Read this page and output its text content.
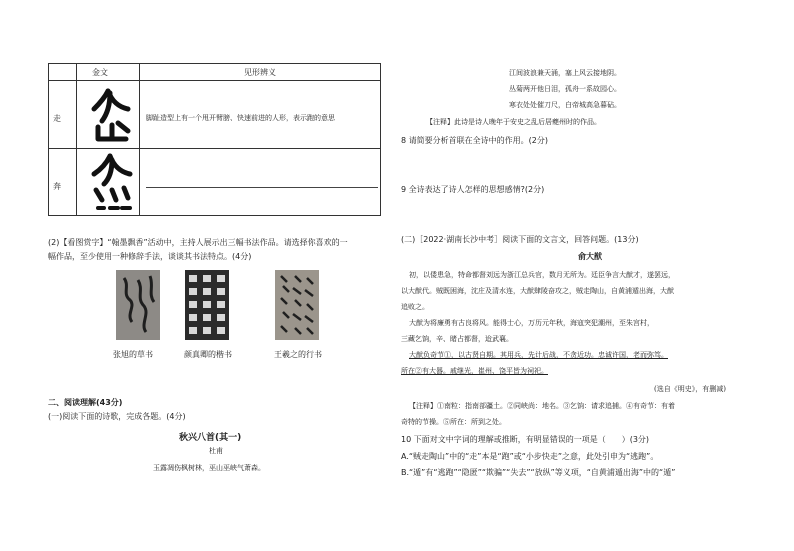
金文	见形辨义
走	脚趾造型上有一个甩开臂膀、快速前进的人形，表示跑的意思
奔
(2)【看图赏字】“翰墨飘香”活动中，主持人展示出三幅书法作品。请选择你喜欢的一
幅作品，至少使用一种修辞手法，谈谈其书法特点。(4分)
张旭的草书	颜真卿的楷书	王羲之的行书
二、阅读理解(43分)
(一)阅读下面的诗歌，完成各题。(4分)
秋兴八首(其一)
杜甫
玉露凋伤枫树林，巫山巫峡气萧森。
江间波浪兼天涌，塞上风云接地阴。
丛菊两开他日泪，孤舟一系故园心。
寒衣处处催刀尺，白帝城高急暮砧。
【注释】此诗是诗人晚年于安史之乱后居夔州时的作品。
8 请简要分析首联在全诗中的作用。(2分)
9 全诗表达了诗人怎样的思想感情?(2分)
(二)［2022·湖南长沙中考］阅读下面的文言文，回答问题。(13分)
俞大猷
初，以倭患急，特命都督刘远为浙江总兵官，数月无所为。廷臣争言大猷才，遂罢远，
以大猷代。贼既困海，沈庄及清水连，大猷肆陵奋攻之，贼走陶山，自黄浦遁出海，大猷
追败之。
大猷为将廉勇有古良将风。能得士心，万历元年秋，海寇突犯潮州，至朱宫村，
三藏乞饷，辛、睹占都督，迨武襄。
大猷负奇节①，以古贤自期。其用兵，先计后战，不贪近功。忠诚许国，老而弥笃。
所在②有大器。戚继光，崔州、饶平皆为祠祀。
(选自《明史》，有删减)
【注释】①南粒：指南部疆土。②同峡尚：地名。③乞饷：请求追捕。④有奇节：有着
奇特的节操。⑤所在：所到之处。
10 下面对文中字词的理解或推断，有明显错误的一项是（　　）(3分)
A.“贼走陶山”中的“走”本是“跑”或“小步快走”之意，此处引申为“逃跑”。
B.“遁”有“逃跑”“隐匿”“欺骗”“失去”“放纵”等义项，“自黄浦遁出海”中的“遁”
